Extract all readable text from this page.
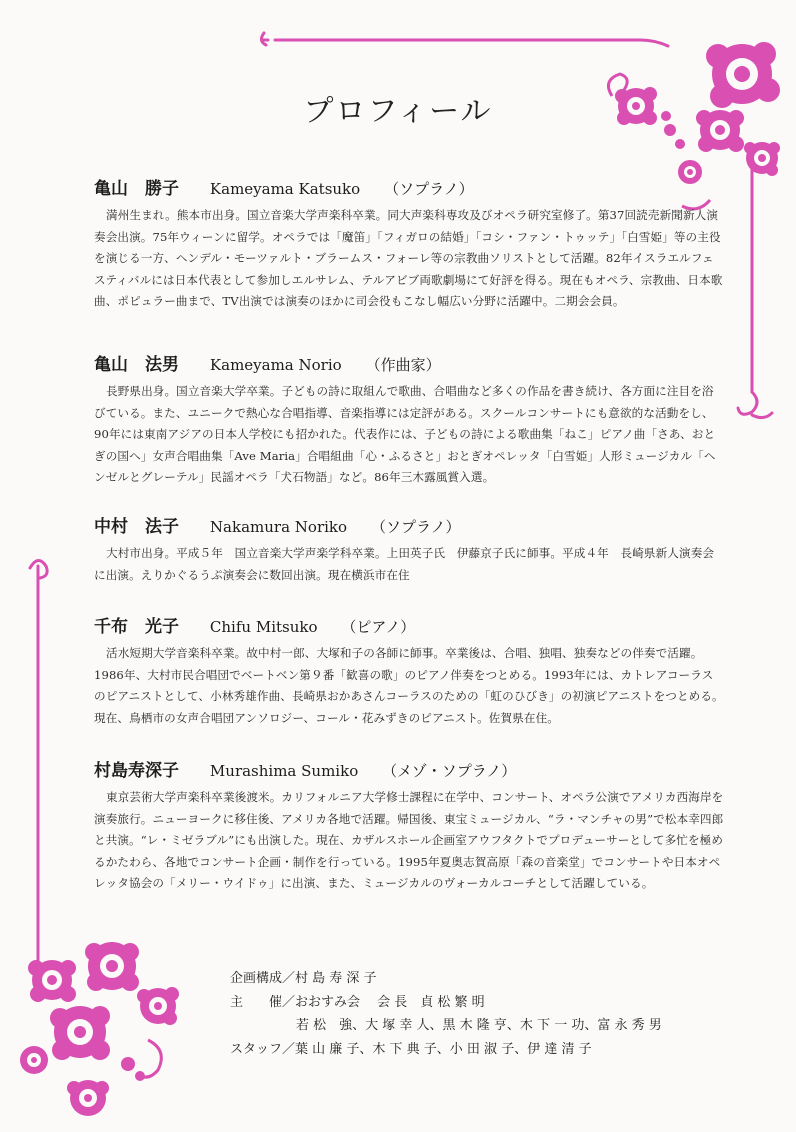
プロフィール
亀山　勝子 Kameyama Katsuko （ソプラノ）
満州生まれ。熊本市出身。国立音楽大学声楽科卒業。同大声楽科専攻及びオペラ研究室修了。第37回読売新聞新人演奏会出演。75年ウィーンに留学。オペラでは「魔笛」「フィガロの結婚」「コシ・ファン・トゥッテ」「白雪姫」等の主役を演じる一方、ヘンデル・モーツァルト・ブラームス・フォーレ等の宗教曲ソリストとして活躍。82年イスラエルフェスティバルには日本代表として参加しエルサレム、テルアビブ両歌劇場にて好評を得る。現在もオペラ、宗教曲、日本歌曲、ポピュラー曲まで、TV出演では演奏のほかに司会役もこなし幅広い分野に活躍中。二期会会員。
亀山　法男 Kameyama Norio （作曲家）
長野県出身。国立音楽大学卒業。子どもの詩に取組んで歌曲、合唱曲など多くの作品を書き続け、各方面に注目を浴びている。また、ユニークで熱心な合唱指導、音楽指導には定評がある。スクールコンサートにも意欲的な活動をし、90年には東南アジアの日本人学校にも招かれた。代表作には、子どもの詩による歌曲集「ねこ」ピアノ曲「さあ、おとぎの国へ」女声合唱曲集「Ave Maria」合唱組曲「心・ふるさと」おとぎオペレッタ「白雪姫」人形ミュージカル「ヘンゼルとグレーテル」民謡オペラ「犬石物語」など。86年三木露風賞入選。
中村　法子 Nakamura Noriko （ソプラノ）
大村市出身。平成５年　国立音楽大学声楽学科卒業。上田英子氏　伊藤京子氏に師事。平成４年　長崎県新人演奏会に出演。えりかぐるうぷ演奏会に数回出演。現在横浜市在住
千布　光子 Chifu Mitsuko （ピアノ）
活水短期大学音楽科卒業。故中村一郎、大塚和子の各師に師事。卒業後は、合唱、独唱、独奏などの伴奏で活躍。1986年、大村市民合唱団でベートベン第９番「歓喜の歌」のピアノ伴奏をつとめる。1993年には、カトレアコーラスのピアニストとして、小林秀雄作曲、長崎県おかあさんコーラスのための「虹のひびき」の初演ピアニストをつとめる。現在、鳥栖市の女声合唱団アンソロジー、コール・花みずきのピアニスト。佐賀県在住。
村島寿深子 Murashima Sumiko （メゾ・ソプラノ）
東京芸術大学声楽科卒業後渡米。カリフォルニア大学修士課程に在学中、コンサート、オペラ公演でアメリカ西海岸を演奏旅行。ニューヨークに移住後、アメリカ各地で活躍。帰国後、東宝ミュージカル、“ラ・マンチャの男”で松本幸四郎と共演。“レ・ミゼラブル”にも出演した。現在、カザルスホール企画室アウフタクトでプロデューサーとして多忙を極めるかたわら、各地でコンサート企画・制作を行っている。1995年夏奥志賀高原「森の音楽堂」でコンサートや日本オペレッタ協会の「メリー・ウイドゥ」に出演、また、ミュージカルのヴォーカルコーチとして活躍している。
企画構成／村 島 寿 深 子
主　　催／おおすみ会　 会 長　貞 松 繁 明
若 松　強、大 塚 幸 人、黒 木 隆 亨、木 下 一 功、富 永 秀 男
スタッフ／葉 山 廉 子、木 下 典 子、小 田 淑 子、伊 達 清 子
